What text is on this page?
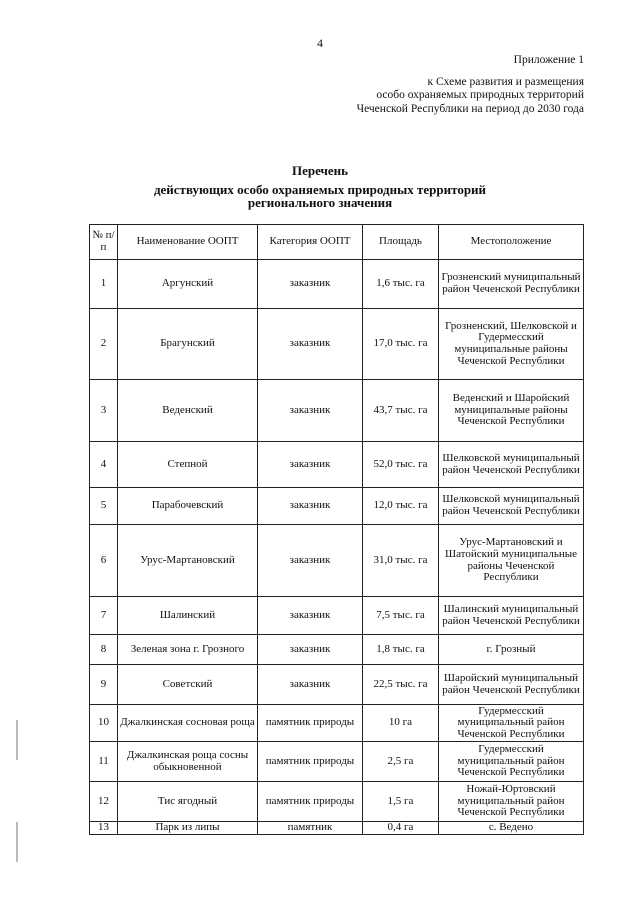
4
Приложение 1
к Схеме развития и размещения
особо охраняемых природных территорий
Чеченской Республики на период до 2030 года
Перечень
действующих особо охраняемых природных территорий
регионального значения
№ п/п	Наименование ООПТ	Категория ООПТ	Площадь	Местоположение
1	Аргунский	заказник	1,6 тыс. га	Грозненский муниципальный район Чеченской Республики
2	Брагунский	заказник	17,0 тыс. га	Грозненский, Шелковской и Гудермесский муниципальные районы Чеченской Республики
3	Веденский	заказник	43,7 тыс. га	Веденский и Шаройский муниципальные районы Чеченской Республики
4	Степной	заказник	52,0 тыс. га	Шелковской муниципальный район Чеченской Республики
5	Парабочевский	заказник	12,0 тыс. га	Шелковской муниципальный район Чеченской Республики
6	Урус-Мартановский	заказник	31,0 тыс. га	Урус-Мартановский и Шатойский муниципальные районы Чеченской Республики
7	Шалинский	заказник	7,5 тыс. га	Шалинский муниципальный район Чеченской Республики
8	Зеленая зона г. Грозного	заказник	1,8 тыс. га	г. Грозный
9	Советский	заказник	22,5 тыс. га	Шаройский муниципальный район Чеченской Республики
10	Джалкинская сосновая роща	памятник природы	10 га	Гудермесский муниципальный район Чеченской Республики
11	Джалкинская роща сосны обыкновенной	памятник природы	2,5 га	Гудермесский муниципальный район Чеченской Республики
12	Тис ягодный	памятник природы	1,5 га	Ножай-Юртовский муниципальный район Чеченской Республики
13	Парк из липы	памятник	0,4 га	с. Ведено
